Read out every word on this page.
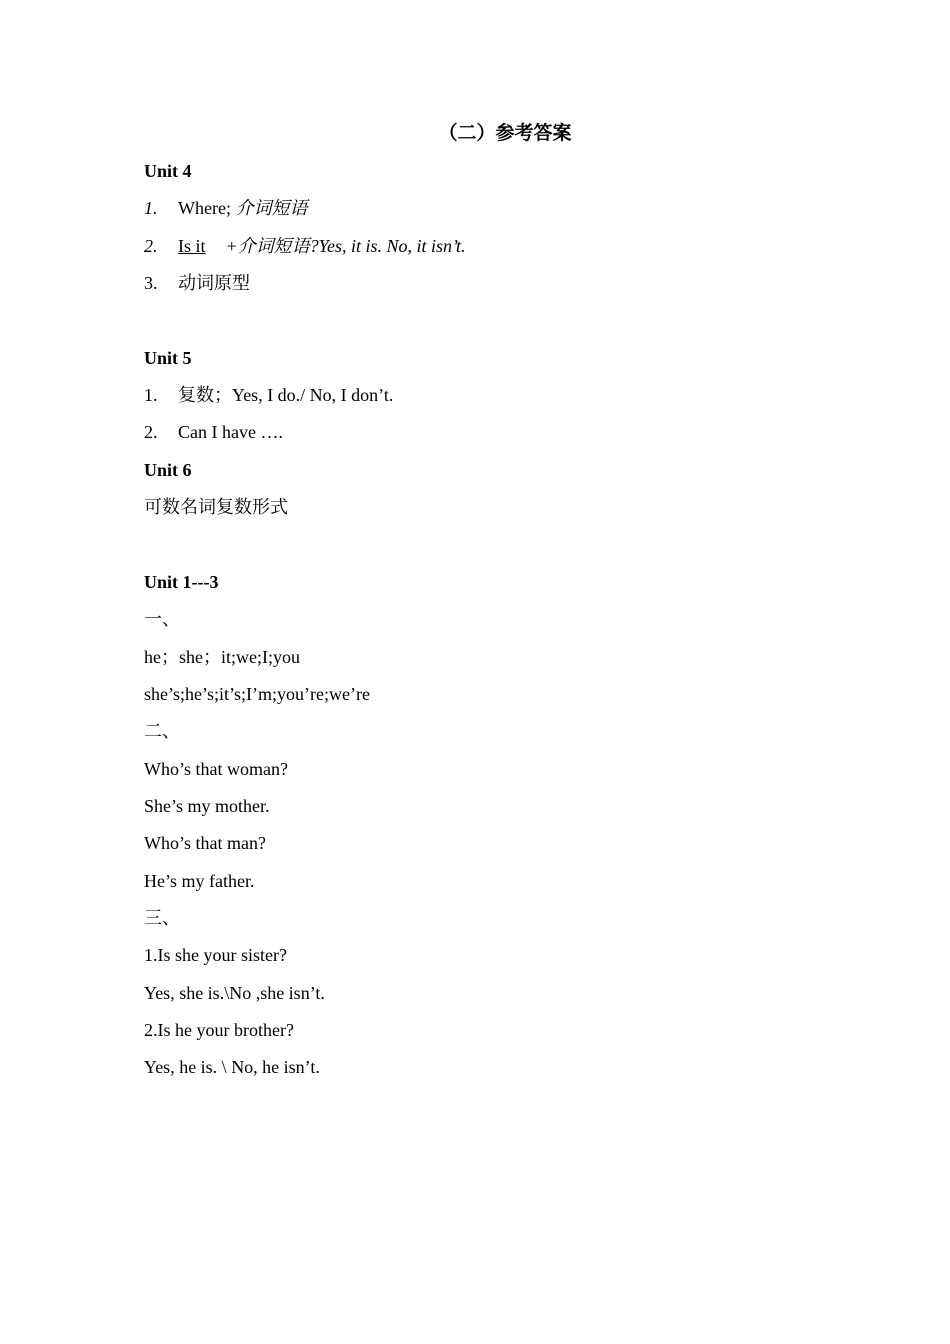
（二）参考答案
Unit 4
1. Where; 介词短语
2. Is it +介词短语?Yes, it is. No, it isn’t.
3. 动词原型
Unit 5
1. 复数；Yes, I do./ No, I don’t.
2. Can I have ….
Unit 6
可数名词复数形式
Unit 1---3
一、
he；she；it;we;I;you
she’s;he’s;it’s;I’m;you’re;we’re
二、
Who’s that woman?
She’s my mother.
Who’s that man?
He’s my father.
三、
1.Is she your sister?
Yes, she is.\No ,she isn’t.
2.Is he your brother?
Yes, he is. \ No, he isn’t.
